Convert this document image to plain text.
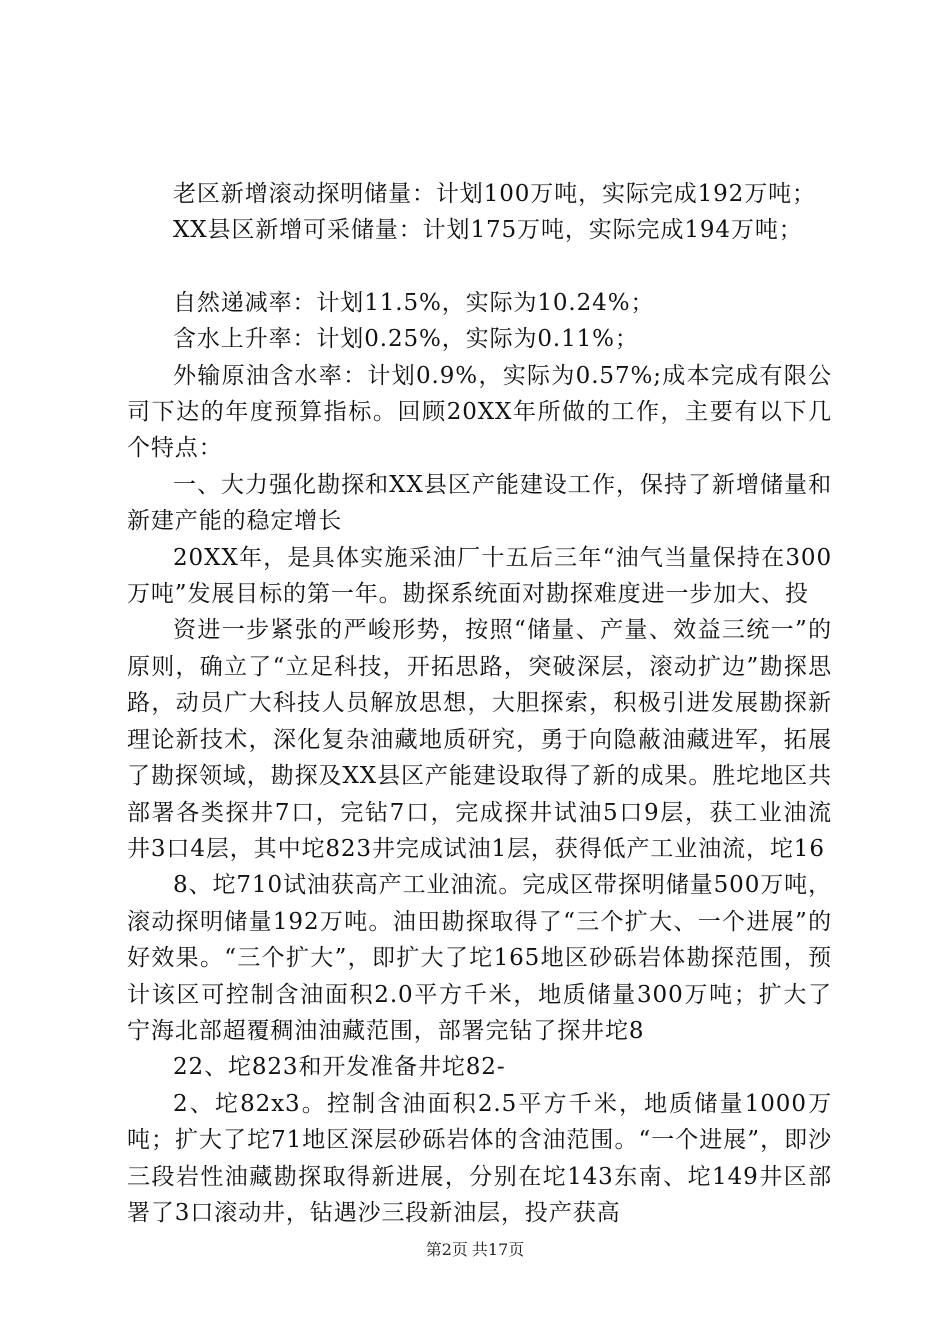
老区新增滚动探明储量：计划100万吨，实际完成192万吨；

XX县区新增可采储量：计划175万吨，实际完成194万吨；

自然递减率：计划11.5%，实际为10.24%；

含水上升率：计划0.25%，实际为0.11%；

外输原油含水率：计划0.9%，实际为0.57%;成本完成有限公司下达的年度预算指标。回顾20XX年所做的工作，主要有以下几个特点：

一、大力强化勘探和XX县区产能建设工作，保持了新增储量和新建产能的稳定增长

20XX年，是具体实施采油厂十五后三年“油气当量保持在300万吨”发展目标的第一年。勘探系统面对勘探难度进一步加大、投

资进一步紧张的严峻形势，按照“储量、产量、效益三统一”的原则，确立了“立足科技，开拓思路，突破深层，滚动扩边”勘探思路，动员广大科技人员解放思想，大胆探索，积极引进发展勘探新理论新技术，深化复杂油藏地质研究，勇于向隐蔽油藏进军，拓展了勘探领域，勘探及XX县区产能建设取得了新的成果。胜坨地区共部署各类探井7口，完钻7口，完成探井试油5口9层，获工业油流井3口4层，其中坨823井完成试油1层，获得低产工业油流，坨16

8、坨710试油获高产工业油流。完成区带探明储量500万吨，滚动探明储量192万吨。油田勘探取得了“三个扩大、一个进展”的好效果。“三个扩大”，即扩大了坨165地区砂砾岩体勘探范围，预计该区可控制含油面积2.0平方千米，地质储量300万吨；扩大了宁海北部超覆稠油油藏范围，部署完钻了探井坨8

22、坨823和开发准备井坨82-

2、坨82x3。控制含油面积2.5平方千米，地质储量1000万吨；扩大了坨71地区深层砂砾岩体的含油范围。“一个进展”，即沙三段岩性油藏勘探取得新进展，分别在坨143东南、坨149井区部署了3口滚动井，钻遇沙三段新油层，投产获高

第2页 共17页
